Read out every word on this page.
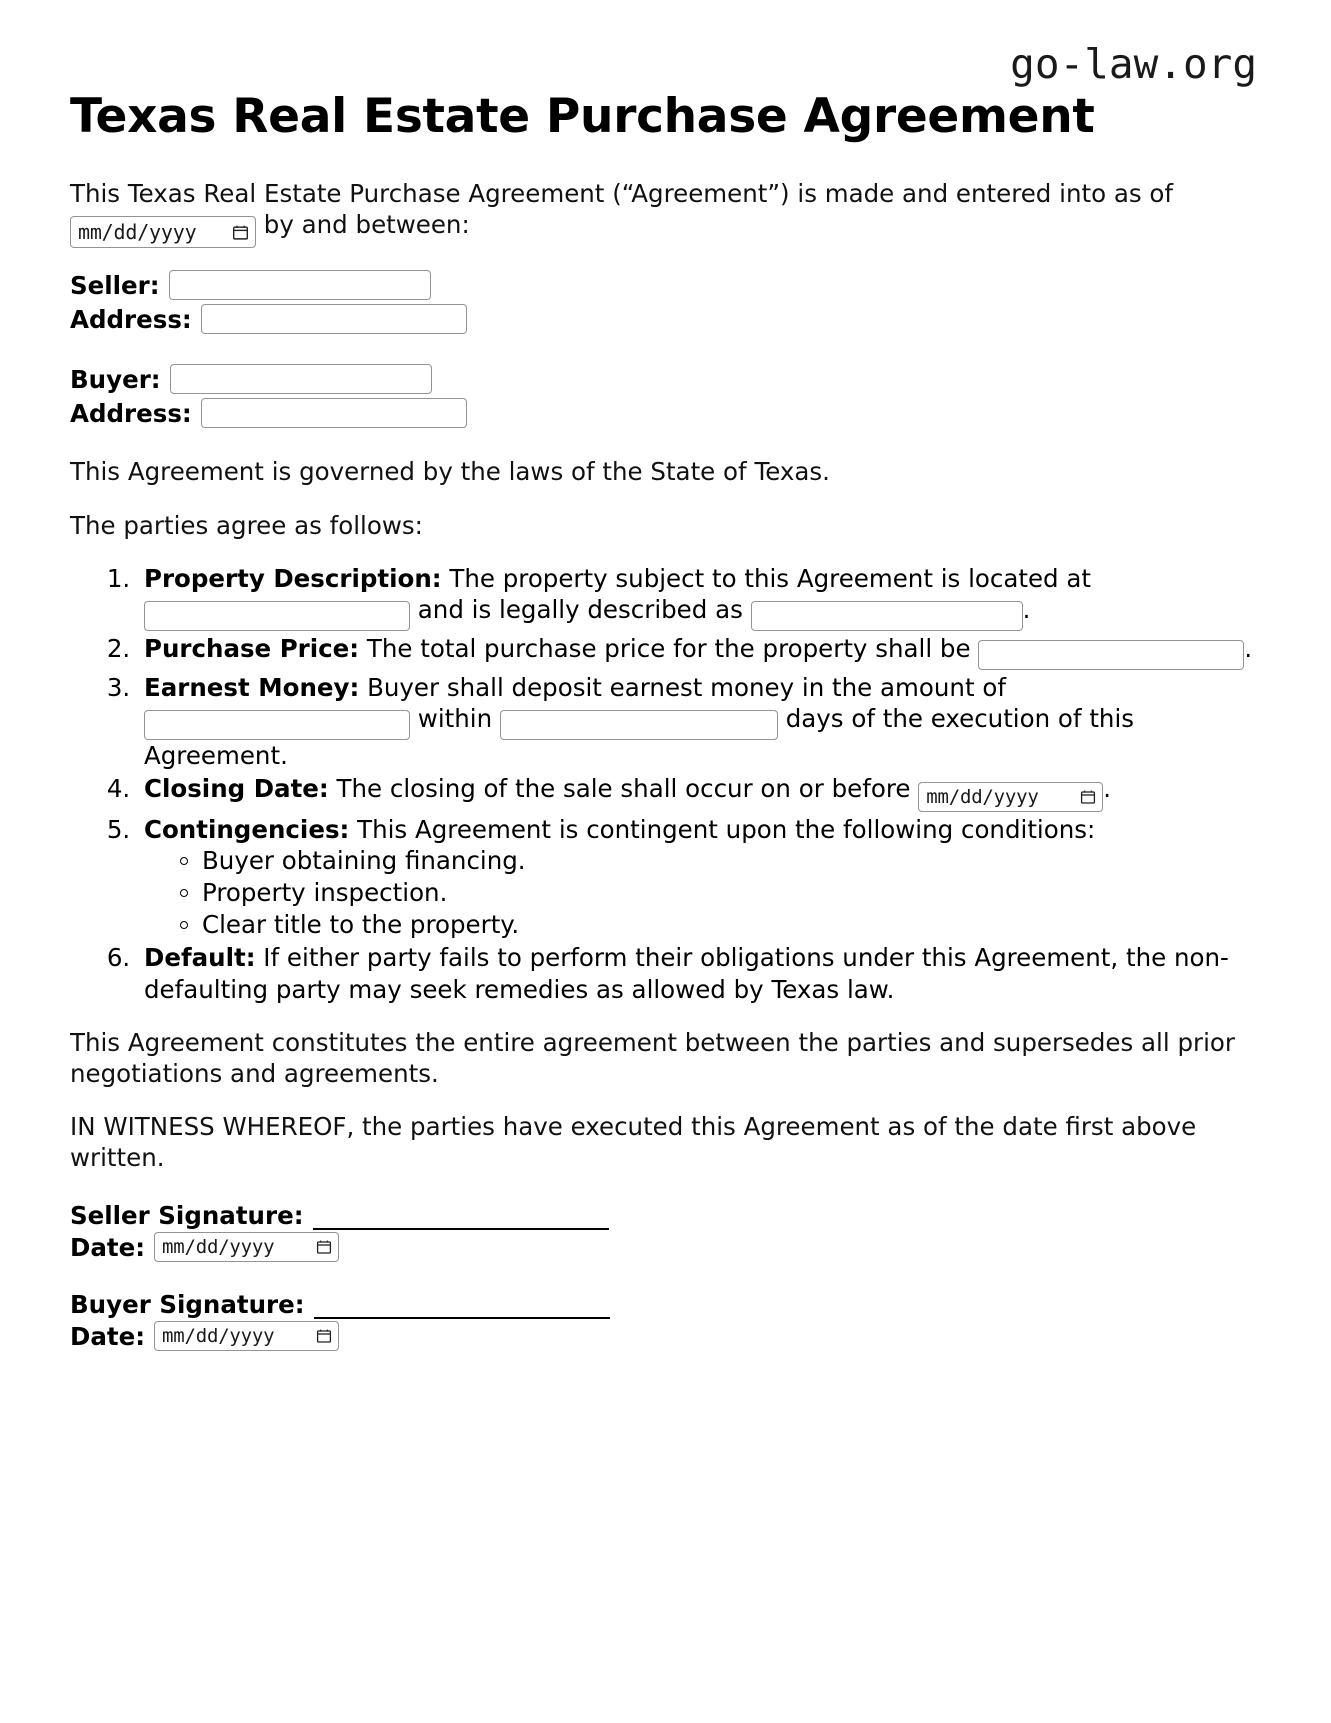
go-law.org
Texas Real Estate Purchase Agreement

This Texas Real Estate Purchase Agreement (“Agreement”) is made and entered into as of

mm/dd/yyyy	by and between:

Seller:
Address:
Buyer:
Address:

This Agreement is governed by the laws of the State of Texas.

The parties agree as follows:

1. Property Description: The property subject to this Agreement is located at  and is legally described as	.
2. Purchase Price: The total purchase price for the property shall be	.
3. Earnest Money: Buyer shall deposit earnest money in the amount of  within	days of the execution of this Agreement.
4. Closing Date: The closing of the sale shall occur on or before mm/dd/yyyy	.
5. Contingencies: This Agreement is contingent upon the following conditions:
Buyer obtaining financing.
Property inspection.
Clear title to the property.
6. Default: If either party fails to perform their obligations under this Agreement, the non-defaulting party may seek remedies as allowed by Texas law.

This Agreement constitutes the entire agreement between the parties and supersedes all prior negotiations and agreements.

IN WITNESS WHEREOF, the parties have executed this Agreement as of the date first above written.

Seller Signature:
Date: mm/dd/yyyy
Buyer Signature:
Date: mm/dd/yyyy
